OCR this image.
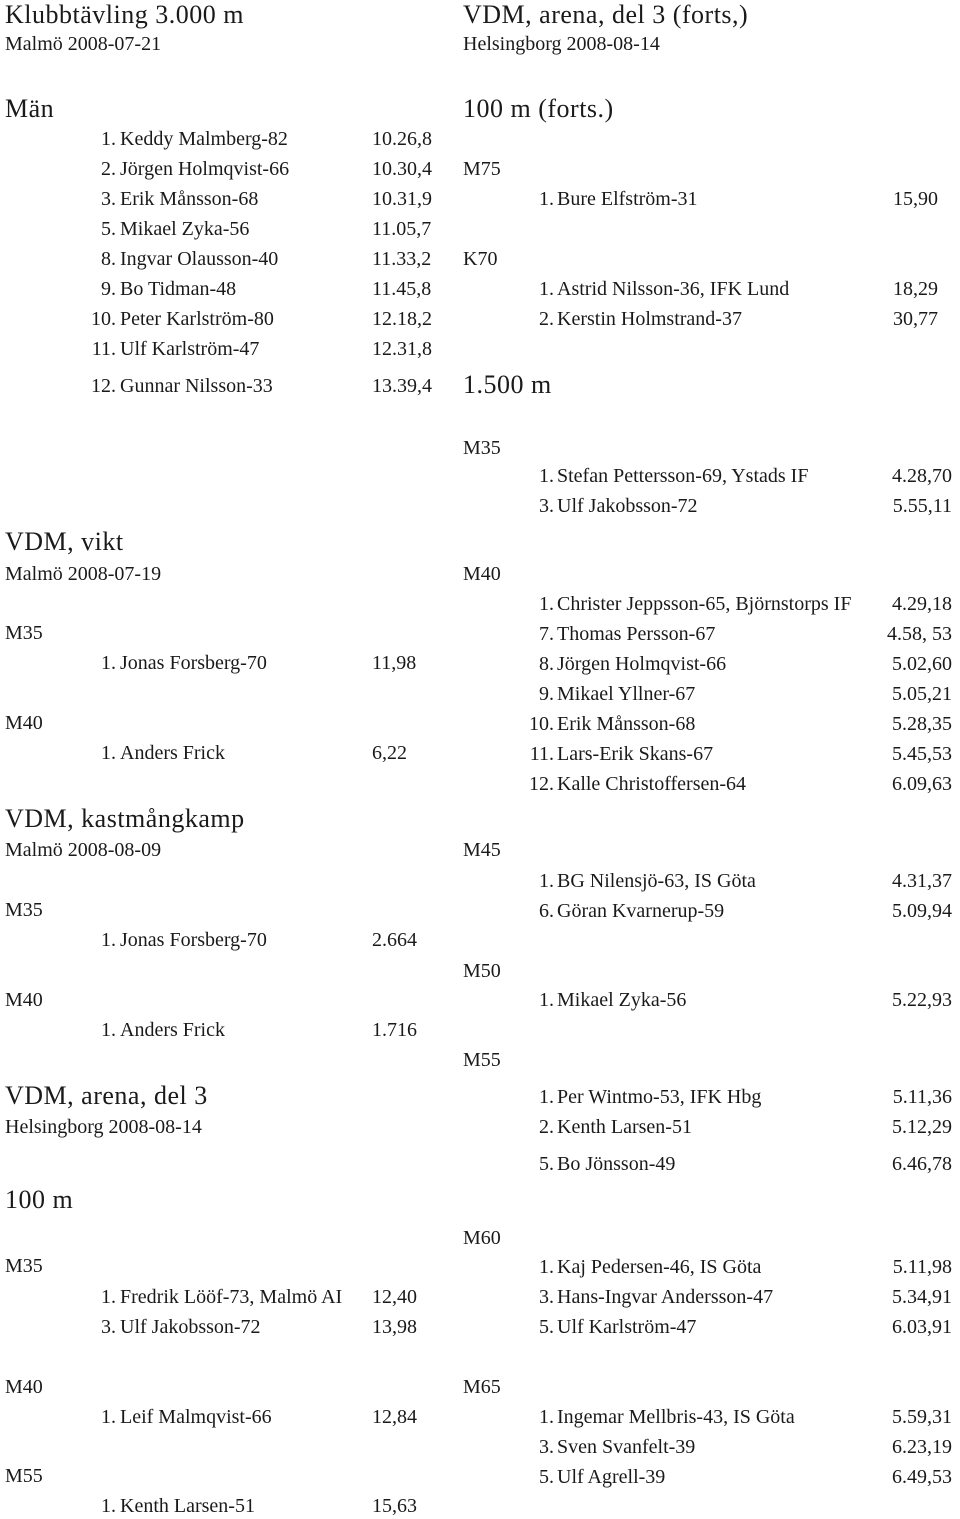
Klubbtävling 3.000 m
Malmö 2008-07-21
Män
1. Keddy Malmberg-82	10.26,8
2. Jörgen Holmqvist-66	10.30,4
3. Erik Månsson-68	10.31,9
5. Mikael Zyka-56	11.05,7
8. Ingvar Olausson-40	11.33,2
9. Bo Tidman-48	11.45,8
10. Peter Karlström-80	12.18,2
11. Ulf Karlström-47	12.31,8
12. Gunnar Nilsson-33	13.39,4
VDM, vikt
Malmö 2008-07-19
M35
1. Jonas Forsberg-70	11,98
M40
1. Anders Frick	6,22
VDM, kastmångkamp
Malmö 2008-08-09
M35
1. Jonas Forsberg-70	2.664
M40
1. Anders Frick	1.716
VDM, arena, del 3
Helsingborg 2008-08-14
100 m
M35
1. Fredrik Lööf-73, Malmö AI 12,40
3. Ulf Jakobsson-72	13,98
M40
1. Leif Malmqvist-66	12,84
M55
1. Kenth Larsen-51	15,63
VDM, arena, del 3 (forts,)
Helsingborg 2008-08-14
100 m (forts.)
M75
1. Bure Elfström-31	15,90
K70
1. Astrid Nilsson-36, IFK Lund	18,29
2. Kerstin Holmstrand-37	30,77
1.500 m
M35
1. Stefan Pettersson-69, Ystads IF	4.28,70
3. Ulf Jakobsson-72	5.55,11
M40
1. Christer Jeppsson-65, Björnstorps IF 4.29,18
7. Thomas Persson-67	4.58, 53
8. Jörgen Holmqvist-66	5.02,60
9. Mikael Yllner-67	5.05,21
10. Erik Månsson-68	5.28,35
11. Lars-Erik Skans-67	5.45,53
12. Kalle Christoffersen-64	6.09,63
M45
1. BG Nilensjö-63, IS Göta	4.31,37
6. Göran Kvarnerup-59	5.09,94
M50
1. Mikael Zyka-56	5.22,93
M55
1. Per Wintmo-53, IFK Hbg	5.11,36
2. Kenth Larsen-51	5.12,29
5. Bo Jönsson-49	6.46,78
M60
1. Kaj Pedersen-46, IS Göta	5.11,98
3. Hans-Ingvar Andersson-47	5.34,91
5. Ulf Karlström-47	6.03,91
M65
1. Ingemar Mellbris-43, IS Göta	5.59,31
3. Sven Svanfelt-39	6.23,19
5. Ulf Agrell-39	6.49,53
